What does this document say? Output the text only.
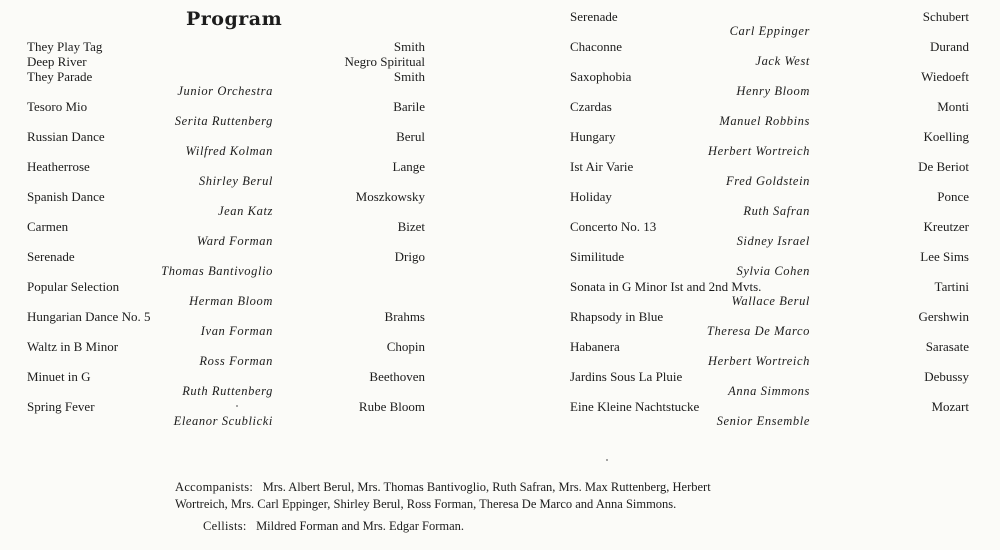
Program
They Play Tag	Smith
Deep River	Negro Spiritual
They Parade	Smith
Junior Orchestra
Tesoro Mio	Barile
Serita Ruttenberg
Russian Dance	Berul
Wilfred Kolman
Heatherrose	Lange
Shirley Berul
Spanish Dance	Moszkowsky
Jean Katz
Carmen	Bizet
Ward Forman
Serenade	Drigo
Thomas Bantivoglio
Popular Selection
Herman Bloom
Hungarian Dance No. 5	Brahms
Ivan Forman
Waltz in B Minor	Chopin
Ross Forman
Minuet in G	Beethoven
Ruth Ruttenberg
Spring Fever	Rube Bloom
Eleanor Scublicki
Serenade	Schubert
Carl Eppinger
Chaconne	Durand
Jack West
Saxophobia	Wiedoeft
Henry Bloom
Czardas	Monti
Manuel Robbins
Hungary	Koelling
Herbert Wortreich
Ist Air Varie	De Beriot
Fred Goldstein
Holiday	Ponce
Ruth Safran
Concerto No. 13	Kreutzer
Sidney Israel
Similitude	Lee Sims
Sylvia Cohen
Sonata in G Minor Ist and 2nd Mvts.	Tartini
Wallace Berul
Rhapsody in Blue	Gershwin
Theresa De Marco
Habanera	Sarasate
Herbert Wortreich
Jardins Sous La Pluie	Debussy
Anna Simmons
Eine Kleine Nachtstucke	Mozart
Senior Ensemble
Accompanists: Mrs. Albert Berul, Mrs. Thomas Bantivoglio, Ruth Safran, Mrs. Max Ruttenberg, Herbert
Wortreich, Mrs. Carl Eppinger, Shirley Berul, Ross Forman, Theresa De Marco and Anna Simmons.
Cellists: Mildred Forman and Mrs. Edgar Forman.
